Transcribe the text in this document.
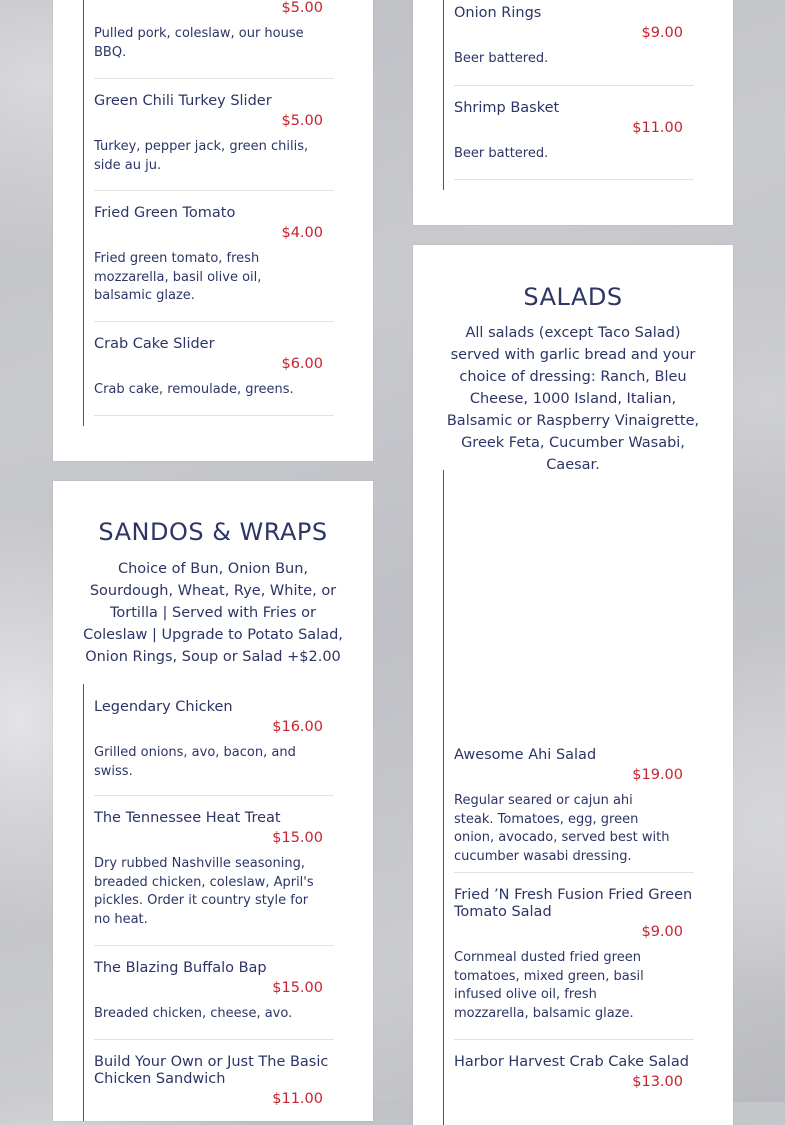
$5.00
Pulled pork, coleslaw, our house BBQ.
Green Chili Turkey Slider
$5.00
Turkey, pepper jack, green chilis, side au ju.
Fried Green Tomato
$4.00
Fried green tomato, fresh mozzarella, basil olive oil, balsamic glaze.
Crab Cake Slider
$6.00
Crab cake, remoulade, greens.
Onion Rings
$9.00
Beer battered.
Shrimp Basket
$11.00
Beer battered.
SANDOS & WRAPS
Choice of Bun, Onion Bun, Sourdough, Wheat, Rye, White, or Tortilla | Served with Fries or Coleslaw | Upgrade to Potato Salad, Onion Rings, Soup or Salad +$2.00
Legendary Chicken
$16.00
Grilled onions, avo, bacon, and swiss.
The Tennessee Heat Treat
$15.00
Dry rubbed Nashville seasoning, breaded chicken, coleslaw, April's pickles. Order it country style for no heat.
The Blazing Buffalo Bap
$15.00
Breaded chicken, cheese, avo.
Build Your Own or Just The Basic Chicken Sandwich
$11.00
SALADS
All salads (except Taco Salad) served with garlic bread and your choice of dressing: Ranch, Bleu Cheese, 1000 Island, Italian, Balsamic or Raspberry Vinaigrette, Greek Feta, Cucumber Wasabi, Caesar.
Awesome Ahi Salad
$19.00
Regular seared or cajun ahi steak. Tomatoes, egg, green onion, avocado, served best with cucumber wasabi dressing.
Fried ’N Fresh Fusion Fried Green Tomato Salad
$9.00
Cornmeal dusted fried green tomatoes, mixed green, basil infused olive oil, fresh mozzarella, balsamic glaze.
Harbor Harvest Crab Cake Salad
$13.00
